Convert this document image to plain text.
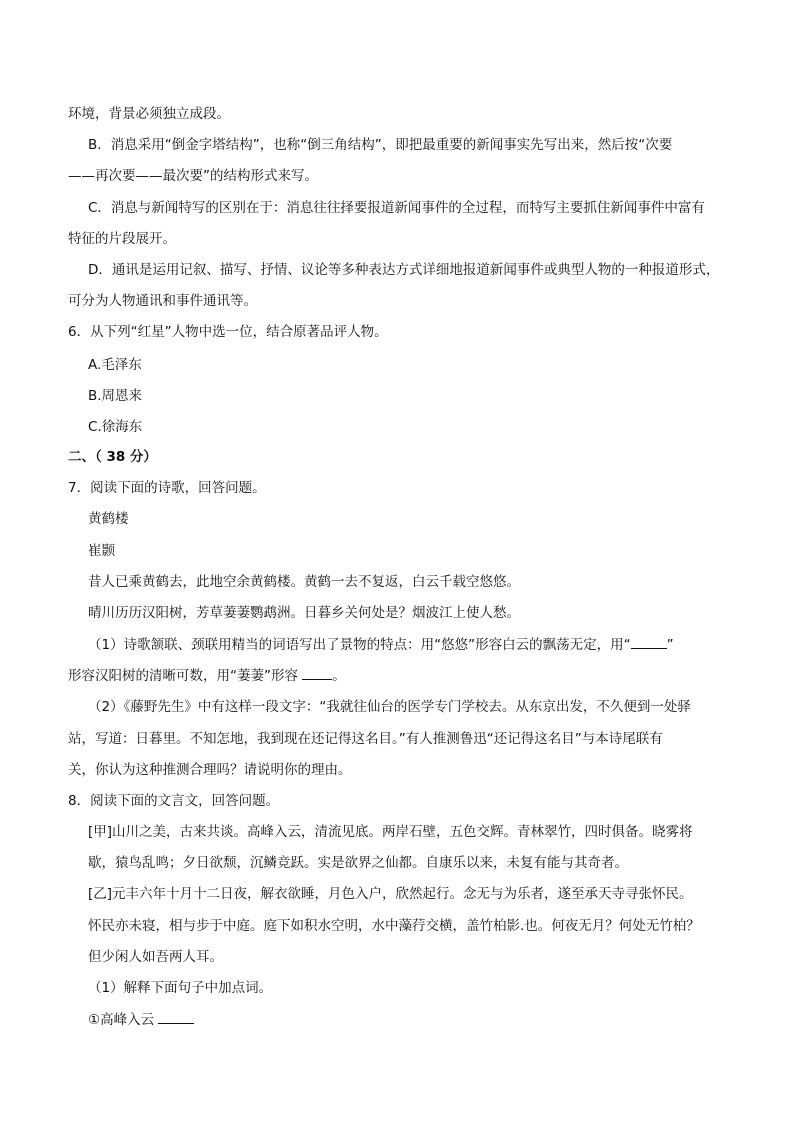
环境，背景必须独立成段。
B．消息采用“倒金字塔结构”，也称“倒三角结构”，即把最重要的新闻事实先写出来，然后按“次要
——再次要——最次要”的结构形式来写。
C．消息与新闻特写的区别在于：消息往往择要报道新闻事件的全过程，而特写主要抓住新闻事件中富有
特征的片段展开。
D．通讯是运用记叙、描写、抒情、议论等多种表达方式详细地报道新闻事件或典型人物的一种报道形式，
可分为人物通讯和事件通讯等。
6．从下列“红星”人物中选一位，结合原著品评人物。
A.毛泽东
B.周恩来
C.徐海东
二、（ 38 分）
7．阅读下面的诗歌，回答问题。
黄鹤楼
崔颢
昔人已乘黄鹤去，此地空余黄鹤楼。黄鹤一去不复返，白云千载空悠悠。
晴川历历汉阳树，芳草萋萋鹦鹉洲。日暮乡关何处是？烟波江上使人愁。
（1）诗歌颔联、颈联用精当的词语写出了景物的特点：用“悠悠”形容白云的飘荡无定，用“	”
形容汉阳树的清晰可数，用“萋萋”形容 。
（2）《藤野先生》中有这样一段文字：“我就往仙台的医学专门学校去。从东京出发，不久便到一处驿
站，写道：日暮里。不知怎地，我到现在还记得这名目。”有人推测鲁迅“还记得这名目”与本诗尾联有
关，你认为这种推测合理吗？请说明你的理由。
8．阅读下面的文言文，回答问题。
[甲]山川之美，古来共谈。高峰入云，清流见底。两岸石壁，五色交辉。青林翠竹，四时俱备。晓雾将
歇，猿鸟乱鸣；夕日欲颓，沉鳞竞跃。实是欲界之仙都。自康乐以来，未复有能与其奇者。
[乙]元丰六年十月十二日夜，解衣欲睡，月色入户，欣然起行。念无与为乐者，遂至承天寺寻张怀民。
怀民亦未寝，相与步于中庭。庭下如积水空明，水中藻荇交横，盖竹柏影.也。何夜无月？何处无竹柏？
但少闲人如吾两人耳。
（1）解释下面句子中加点词。
①高峰入云
